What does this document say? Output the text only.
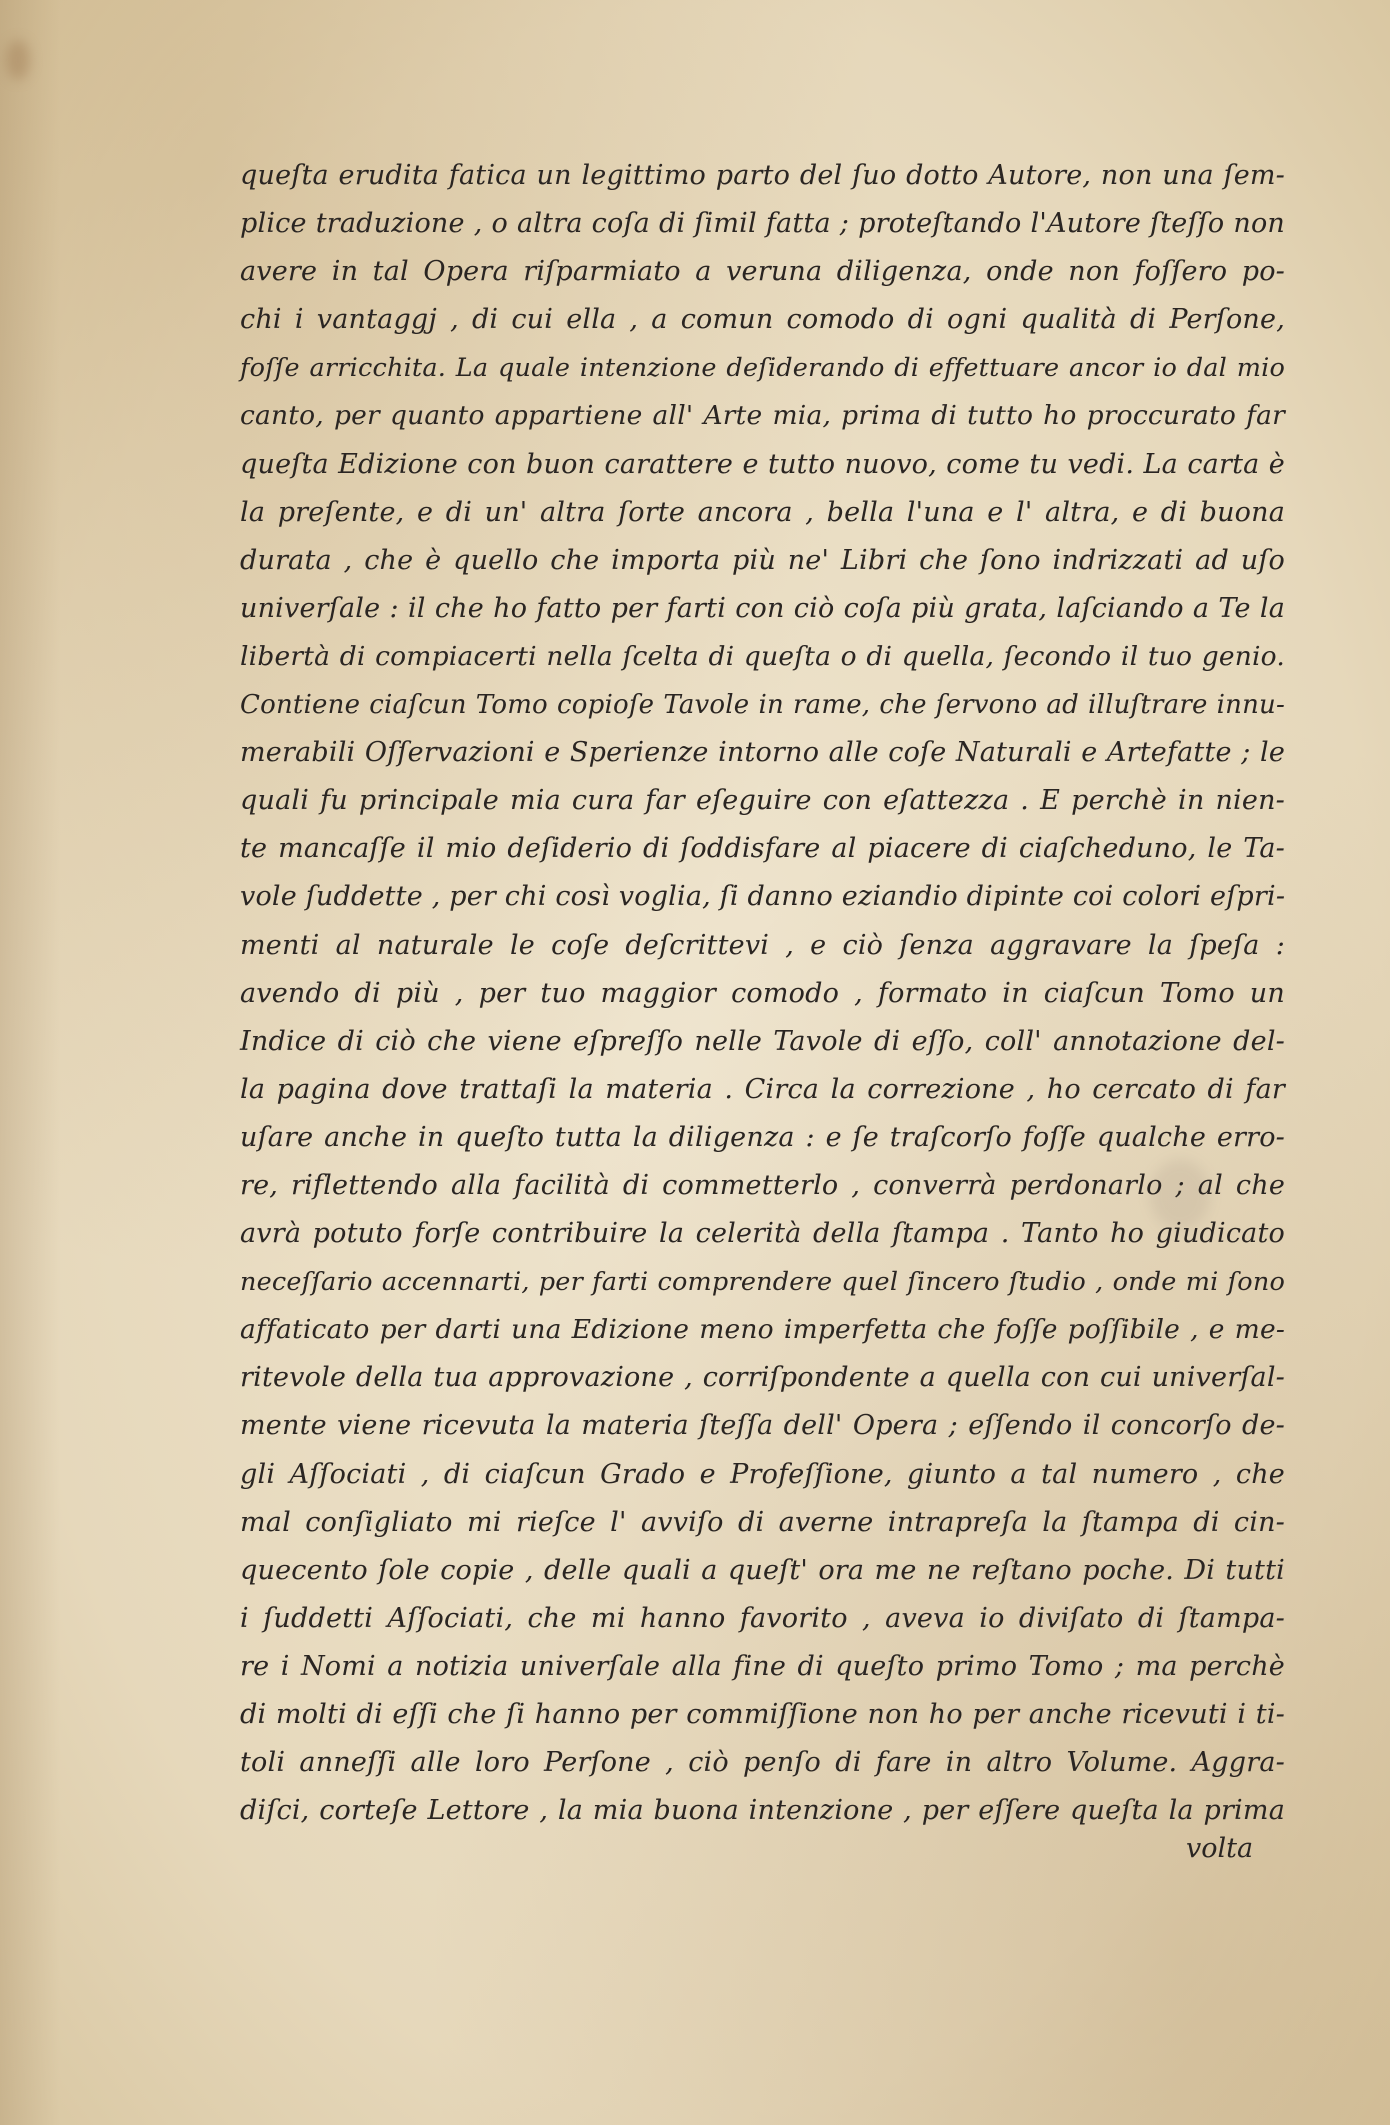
queſta erudita fatica un legittimo parto del ſuo dotto Autore, non una ſem-
plice traduzione , o altra coſa di ſimil fatta ; proteſtando l'Autore ſteſſo non
avere in tal Opera riſparmiato a veruna diligenza, onde non foſſero po-
chi i vantaggj , di cui ella , a comun comodo di ogni qualità di Perſone,
foſſe arricchita. La quale intenzione deſiderando di effettuare ancor io dal mio
canto, per quanto appartiene all' Arte mia, prima di tutto ho proccurato far
queſta Edizione con buon carattere e tutto nuovo, come tu vedi. La carta è
la preſente, e di un' altra ſorte ancora , bella l'una e l' altra, e di buona
durata , che è quello che importa più ne' Libri che ſono indrizzati ad uſo
univerſale : il che ho fatto per farti con ciò coſa più grata, laſciando a Te la
libertà di compiacerti nella ſcelta di queſta o di quella, ſecondo il tuo genio.
Contiene ciaſcun Tomo copioſe Tavole in rame, che ſervono ad illuſtrare innu-
merabili Oſſervazioni e Sperienze intorno alle coſe Naturali e Artefatte ; le
quali fu principale mia cura far eſeguire con eſattezza . E perchè in nien-
te mancaſſe il mio deſiderio di ſoddisfare al piacere di ciaſcheduno, le Ta-
vole ſuddette , per chi così voglia, ſi danno eziandio dipinte coi colori eſpri-
menti al naturale le coſe deſcrittevi , e ciò ſenza aggravare la ſpeſa :
avendo di più , per tuo maggior comodo , formato in ciaſcun Tomo un
Indice di ciò che viene eſpreſſo nelle Tavole di eſſo, coll' annotazione del-
la pagina dove trattaſi la materia . Circa la correzione , ho cercato di far
uſare anche in queſto tutta la diligenza : e ſe traſcorſo foſſe qualche erro-
re, riflettendo alla facilità di commetterlo , converrà perdonarlo ; al che
avrà potuto forſe contribuire la celerità della ſtampa . Tanto ho giudicato
neceſſario accennarti, per farti comprendere quel ſincero ſtudio , onde mi ſono
affaticato per darti una Edizione meno imperfetta che foſſe poſſibile , e me-
ritevole della tua approvazione , corriſpondente a quella con cui univerſal-
mente viene ricevuta la materia ſteſſa dell' Opera ; eſſendo il concorſo de-
gli Aſſociati , di ciaſcun Grado e Profeſſione, giunto a tal numero , che
mal conſigliato mi rieſce l' avviſo di averne intrapreſa la ſtampa di cin-
quecento ſole copie , delle quali a queſt' ora me ne reſtano poche. Di tutti
i ſuddetti Aſſociati, che mi hanno favorito , aveva io diviſato di ſtampa-
re i Nomi a notizia univerſale alla fine di queſto primo Tomo ; ma perchè
di molti di eſſi che ſi hanno per commiſſione non ho per anche ricevuti i ti-
toli anneſſi alle loro Perſone , ciò penſo di fare in altro Volume. Aggra-
diſci, corteſe Lettore , la mia buona intenzione , per eſſere queſta la prima
volta
